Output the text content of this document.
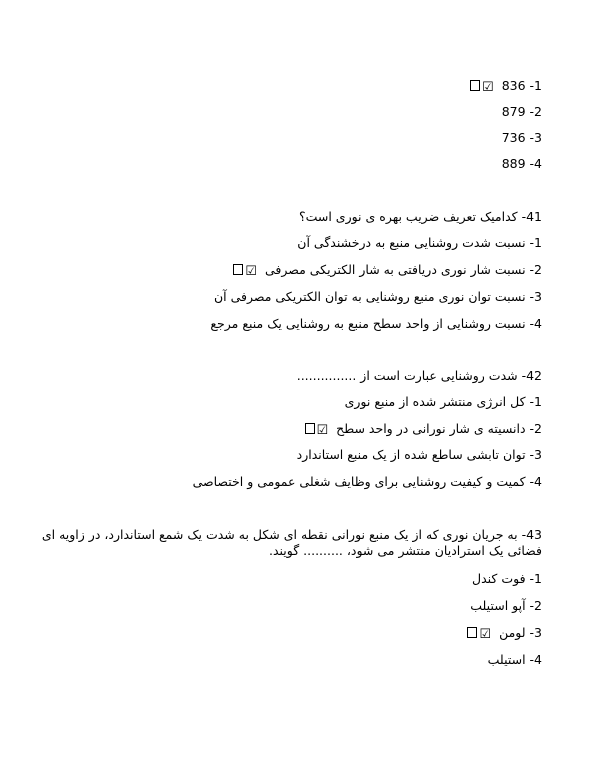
☑ 1- 836
2- 879
3- 736
4- 889
41- کدامیک تعریف ضریب بهره ی نوری است؟
1- نسبت شدت روشنایی منبع به درخشندگی آن
2- نسبت شار نوری دریافتی به شار الکتریکی مصرفی☑
3- نسبت توان نوری منبع روشنایی به توان الکتریکی مصرفی آن
4- نسبت روشنایی از واحد سطح منبع به روشنایی یک منبع مرجع
42- شدت روشنایی عبارت است از ...............
1- کل انرژی منتشر شده از منبع نوری
2- دانسیته ی شار نورانی در واحد سطح☑
3- توان تابشی ساطع شده از یک منبع استاندارد
4- کمیت و کیفیت روشنایی برای وظایف شغلی عمومی و اختصاصی
43- به جریان نوری که از یک منبع نورانی نقطه ای شکل به شدت یک شمع استاندارد، در زاویه ای فضائی یک استرادیان منتشر می شود، .......... گویند.
1- فوت کندل
2- آپو استیلب
3- لومن☑
4- استیلب
